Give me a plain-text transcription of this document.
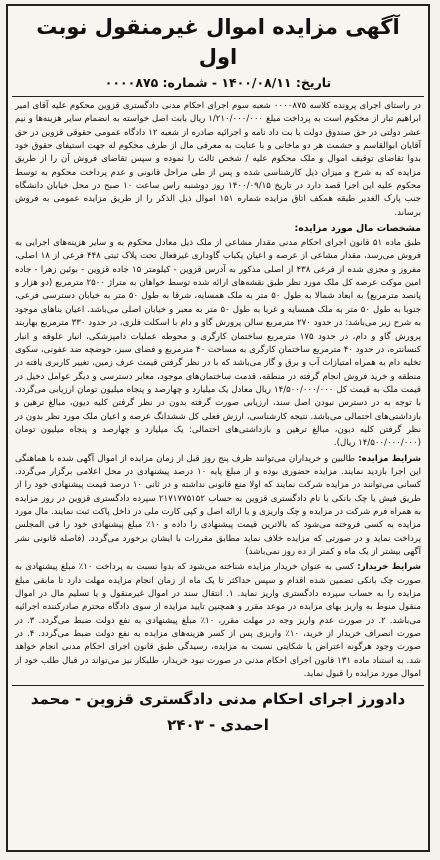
آگهی مزایده اموال غیرمنقول نوبت اول
تاریخ: ۱۴۰۰/۰۸/۱۱ - شماره: ۰۰۰۰۸۷۵

در راستای اجرای پرونده کلاسه ۰۰۰۰۸۷۵ شعبه سوم اجرای احکام مدنی دادگستری قزوین محکوم علیه آقای امیر ابراهیم تبار از محکوم است به پرداخت مبلغ ۱/۲۱۰/۰۰۰/۰۰۰ ریال بابت اصل خواسته به انضمام سایر هزینه‌ها و نیم عشر دولتی در حق صندوق دولت با بت داد نامه و اجرائیه صادره از شعبه ۱۲ دادگاه عمومی حقوقی قزوین در حق آقایان ابوالقاسم و حشمت هر دو ماخانی و با عنایت به معرفی مال از طرف محکوم له جهت استیفای حقوق خود بدوا تقاضای توقیف اموال و ملک محکوم علیه / شخص ثالث را نموده و سپس تقاضای فروش آن را از طریق مزایده که به شرح و میزان ذیل کارشناسی شده و پس از طی مراحل قانونی و عدم پرداخت محکوم به توسط محکوم علیه این اجرا قصد دارد در تاریخ ۱۴۰۰/۰۹/۱۵ روز دوشنبه راس ساعت ۱۰ صبح در محل خیابان دانشگاه جنب پارک الغدیر طبقه همکف اتاق مزایده شماره ۱۵۱ اموال ذیل الذکر را از طریق مزایده عمومی به فروش برساند.

مشخصات مال مورد مزایده:

طبق ماده ۵۱ قانون اجرای احکام مدنی مقدار مشاعی از ملک ذیل معادل محکوم به و سایر هزینه‌های اجرایی به فروش می‌رسد، مقدار مشاعی از عرصه و اعیان یکباب گاوداری غیرفعال تحت پلاک ثبتی ۴۴۸ فرعی از ۱۸ اصلی، مفروز و مجزی شده از فرعی ۴۳۸ از اصلی مذکور به آدرس قزوین - کیلومتر ۱۵ جاده قزوین - بوئین زهرا - جاده امین موکت عرصه کل ملک مورد نظر طبق نقشه‌های ارائه شده توسط خواهان به متراژ ۲۵۰۰ مترمربع (دو هزار و پانصد مترمربع) به ابعاد شمالا به طول ۵۰ متر به ملک همسایه، شرقا به طول ۵۰ متر به خیابان دسترسی فرعی، جنوبا به طول ۵۰ متر به ملک همسایه و غربا به طول ۵۰ متر به معبر و خیابان اصلی می‌باشد. اعیان بناهای موجود به شرح زیر می‌باشد: در حدود ۲۷۰ مترمربع سالن پرورش گاو و دام با اسکلت فلزی، در حدود ۳۳۰ مترمربع بهاربند پرورش گاو و دام، در حدود ۱۷۵ مترمربع ساختمان کارگری و محوطه عملیات دامپزشکی، انبار علوفه و انبار کنسانتره، در حدود ۴۰ مترمربع ساختمان کارگری به مساحت ۴۰ مترمربع و فضای سبز، حوضچه ضد عفونی، سکوی تخلیه دام به همراه امتیازات آب و برق و گاز می‌باشد که با در نظر گرفتن قیمت عرف زمین، تغییر کاربری یافته در منطقه و خرید فروش انجام گرفته در منطقه، قدمت ساختمان‌های موجود، معابر دسترسی و دیگر عوامل دخیل در قیمت ملک به قیمت کل ۱۴/۵۰۰/۰۰۰/۰۰۰ ریال معادل یک میلیارد و چهارصد و پنجاه میلیون تومان ارزیابی می‌گردد. با توجه به در دسترس نبودن اصل سند، ارزیابی صورت گرفته بدون در نظر گرفتن کلیه دیون، مبالغ ترهین و بازداشتی‌های احتمالی می‌باشد. نتیجه کارشناسی، ارزش فعلی کل ششدانگ عرصه و اعیان ملک مورد نظر بدون در نظر گرفتن کلیه دیون، مبالغ ترهین و بازداشتی‌های احتمالی: یک میلیارد و چهارصد و پنجاه میلیون تومان (۱۴/۵۰۰/۰۰۰/۰۰۰ ریال).

شرایط مزایده: طالبین و خریداران می‌توانند ظرف پنج روز قبل از زمان مزایده از اموال آگهی شده با هماهنگی این اجرا بازدید نمایند. مزایده حضوری بوده و از مبلغ پایه ۱۰ درصد پیشنهادی در محل اعلامی برگزار می‌گردد. کسانی می‌توانند در مزایده شرکت نمایند که اولا منع قانونی نداشته و در ثانی ۱۰ درصد قیمت پیشنهادی خود را از طریق فیش یا چک بانکی با نام دادگستری قزوین به حساب ۲۱۷۱۷۷۵۱۵۲ سپرده دادگستری قزوین در روز مزایده به همراه فرم شرکت در مزایده و چک واریزی و یا ارائه اصل و کپی کارت ملی در داخل پاکت ثبت نمایند. مال مورد مزایده به کسی فروخته می‌شود که بالاترین قیمت پیشنهادی را داده و ۱۰٪ مبلغ پیشنهادی خود را فی المجلس پرداخت نماید و در صورتی که مزایده خلاف نماید مطابق مقررات با ایشان برخورد می‌گردد. (فاصله قانونی نشر آگهی بیشتر از یک ماه و کمتر از ده روز نمی‌باشد)

شرایط خریدار: کسی به عنوان خریدار مزایده شناخته می‌شود که بدوا نسبت به پرداخت ۱۰٪ مبلغ پیشنهادی به صورت چک بانکی تضمین شده اقدام و سپس حداکثر تا یک ماه از زمان انجام مزایده مهلت دارد تا مابقی مبلغ مزایده را به حساب سپرده دادگستری واریز نماید. ۱. انتقال سند در اموال غیرمنقول و یا تسلیم مال در اموال منقول منوط به واریز بهای مزایده در موعد مقرر و همچنین تایید مزایده از سوی دادگاه محترم صادرکننده اجرائیه می‌باشد. ۲. در صورت عدم واریز وجه در مهلت مقرر، ۱۰٪ مبلغ پیشنهادی به نفع دولت ضبط می‌گردد. ۳. در صورت انصراف خریدار از خرید، ۱۰٪ واریزی پس از کسر هزینه‌های مزایده به نفع دولت ضبط می‌گردد. ۴. در صورت وجود هرگونه اعتراض یا شکایتی نسبت به مزایده، رسیدگی طبق قانون اجرای احکام مدنی انجام خواهد شد. به استناد ماده ۱۳۱ قانون اجرای احکام مدنی در صورت نبود خریدار، طلبکار نیز می‌تواند در قبال طلب خود از اموال مورد مزایده را قبول نماید.

دادورز اجرای احکام مدنی دادگستری قزوین - محمد احمدی - ۲۴۰۳
